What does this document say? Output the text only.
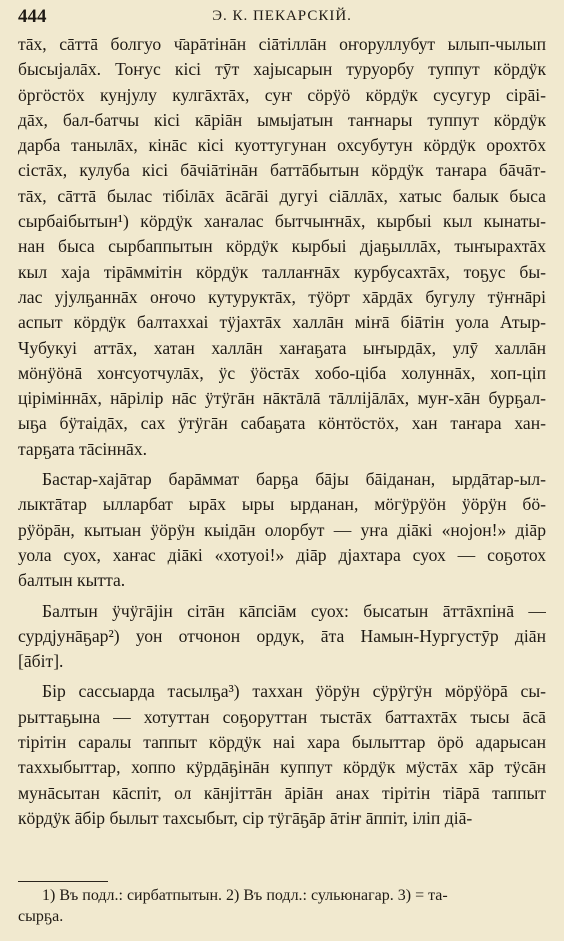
444	Э. К. ПЕКАРСКІЙ.
тāх, сāттā болгуо ч̄арāтінāн сіāтіллāн оҥоруллубут ылып-чылып
бысыjалāх. Тоҥус кісі тӯт хаjысарын туруорбу туппут кӧрдӱк
ӧргӧстӧх кунjулу кулгāхтāх, суҥ сӧрӱӧ кӧрдӱк сусугур сірāі-
дāх, бал-батчы кісі кāрiāн ымыjатын таҥнары туппут кӧрдӱк
дарба танылāх, кінāс кісі куоттугунан охсубутун кӧрдӱк орохтōх
сiстāх, кулуба кісі бāчiāтінāн баттāбытын кӧрдӱк таҥара бāчāт-
тāх, сāттā былас тiбiлāх āсāгāі дугуi сiāллāх, хатыс балык быса
сырбаiбытын¹) кӧрдӱк хаҥалас бытчыҥнāх, кырбыі кыл кынаты-
нан быса сырбаппытын кӧрдӱк кырбыі дjаҕыллāх, тыҥырахтāх
кыл хаjа тiрāммiтiн кӧрдӱк таллаҥнāх курбусахтāх, тоҕус бы-
лас уjулҕаннāх оҥочо кутуруктāх, тӱӧрт хāрдāх бугулу тӱҥнāрi
аспыт кӧрдӱк балтаххаі тӱjахтāх халлāн міҥā біāтін уола Атыр-
Чубукуі аттāх, хатан халлāн хаҥаҕата ыҥырдāх, улӯ халлāн
мӧнӱӧнā хоҥсуотчулāх, ӱс ӱӧстāх хобо-ціба холуннāх, хоп-ціп
ціріміннāх, нāрiлiр нāс ӱтӱгāн нāктāлā тāллijāлāх, муҥ-хāн бурҕал-
ыҕа бӱтаiдāх, сах ӱтӱгāн сабаҕата кӧнтӧстӧх, хан таҥара хан-
тарҕата тāсiннāх.
Бастар-хаjāтар барāммат барҕа бājы бāiданан, ырдāтар-ыл-
лыктāтар ылларбат ырāх ыры ырданан, мӧгӱрӱӧн ӱӧрӱн бӧ-
рӱӧрāн, кытыан ӱӧрӱн кыiдāн олорбут — уҥа дiāкi «нојон!» дiāр
уола суох, хаҥас дiāкi «хотуоі!» дiāр дjахтара суох — соҕотох
балтын кытта.
Балтын ӱчӱгājiн сiтāн кāпсiāм суох: бысатын āттāхпiнā —
сурдjунāҕар²) уон отчонон ордук, āта Намын-Нургустӯр дiāн
[āбiт].
Бiр сассыарда тасылҕа³) таххан ӱӧрӱн сӱрӱгӱн мӧрӱӧрā сы-
рыттаҕына — хотуттан соҕоруттан тыстāх баттахтāх тысы āсā
тiрiтiн саралы таппыт кӧрдӱк наі хара былыттар ӧрӧ адарысан
таххыбыттар, хоппо кӱрдāҕiнāн куппут кӧрдӱк мӱстāх хāр тӱсāн
мунāсытан кāспiт, ол кāнjiттāн āрiāн анах тiрiтiн тiāрā таппыт
кӧрдӱк āбiр былыт тахсыбыт, сiр тӱгāҕāр āтiҥ āппiт, iліп дiā-
1) Въ подл.: сирбатпытын. 2) Въ подл.: сульюнагар. 3) = та-
сырҕа.
